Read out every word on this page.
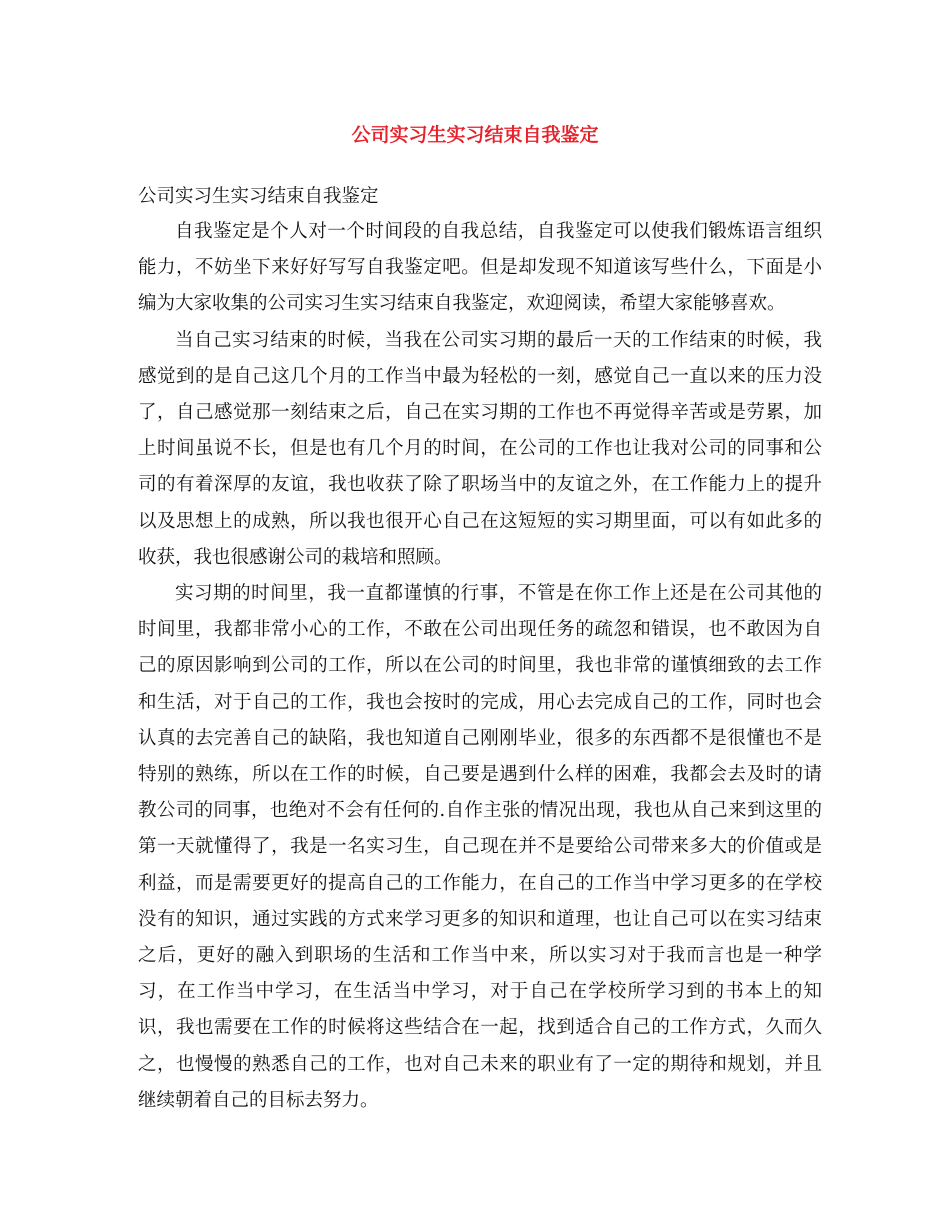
公司实习生实习结束自我鉴定

公司实习生实习结束自我鉴定

自我鉴定是个人对一个时间段的自我总结，自我鉴定可以使我们锻炼语言组织能力，不妨坐下来好好写写自我鉴定吧。但是却发现不知道该写些什么，下面是小编为大家收集的公司实习生实习结束自我鉴定，欢迎阅读，希望大家能够喜欢。

当自己实习结束的时候，当我在公司实习期的最后一天的工作结束的时候，我感觉到的是自己这几个月的工作当中最为轻松的一刻，感觉自己一直以来的压力没了，自己感觉那一刻结束之后，自己在实习期的工作也不再觉得辛苦或是劳累，加上时间虽说不长，但是也有几个月的时间，在公司的工作也让我对公司的同事和公司的有着深厚的友谊，我也收获了除了职场当中的友谊之外，在工作能力上的提升以及思想上的成熟，所以我也很开心自己在这短短的实习期里面，可以有如此多的收获，我也很感谢公司的栽培和照顾。

实习期的时间里，我一直都谨慎的行事，不管是在你工作上还是在公司其他的时间里，我都非常小心的工作，不敢在公司出现任务的疏忽和错误，也不敢因为自己的原因影响到公司的工作，所以在公司的时间里，我也非常的谨慎细致的去工作和生活，对于自己的工作，我也会按时的完成，用心去完成自己的工作，同时也会认真的去完善自己的缺陷，我也知道自己刚刚毕业，很多的东西都不是很懂也不是特别的熟练，所以在工作的时候，自己要是遇到什么样的困难，我都会去及时的请教公司的同事，也绝对不会有任何的.自作主张的情况出现，我也从自己来到这里的第一天就懂得了，我是一名实习生，自己现在并不是要给公司带来多大的价值或是利益，而是需要更好的提高自己的工作能力，在自己的工作当中学习更多的在学校没有的知识，通过实践的方式来学习更多的知识和道理，也让自己可以在实习结束之后，更好的融入到职场的生活和工作当中来，所以实习对于我而言也是一种学习，在工作当中学习，在生活当中学习，对于自己在学校所学习到的书本上的知识，我也需要在工作的时候将这些结合在一起，找到适合自己的工作方式，久而久之，也慢慢的熟悉自己的工作，也对自己未来的职业有了一定的期待和规划，并且继续朝着自己的目标去努力。
